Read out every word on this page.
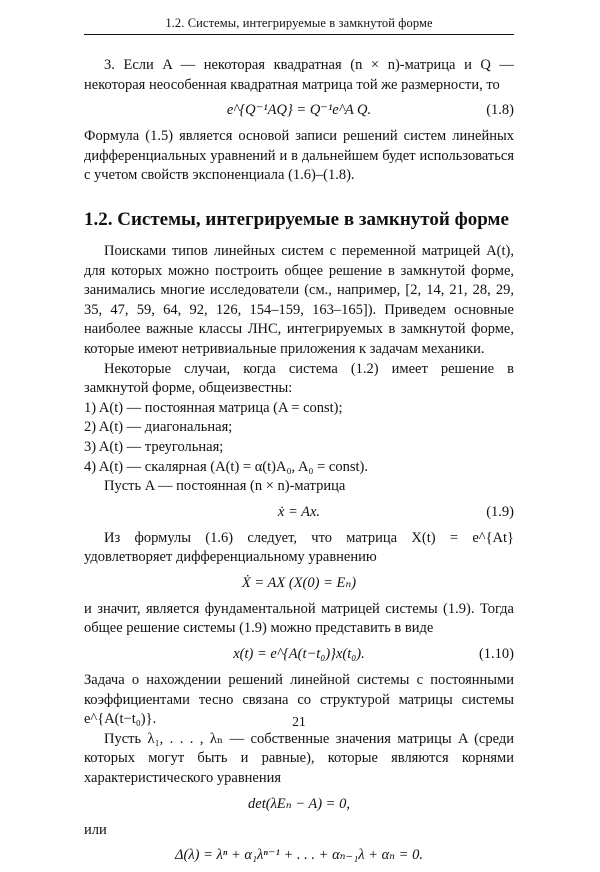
1.2. Системы, интегрируемые в замкнутой форме

3. Если A — некоторая квадратная (n × n)-матрица и Q — некоторая неособенная квадратная матрица той же размерности, то

e^{Q⁻¹AQ} = Q⁻¹e^A Q.	(1.8)

Формула (1.5) является основой записи решений систем линейных дифференциальных уравнений и в дальнейшем будет использоваться с учетом свойств экспоненциала (1.6)–(1.8).

1.2. Системы, интегрируемые в замкнутой форме

Поисками типов линейных систем с переменной матрицей A(t), для которых можно построить общее решение в замкнутой форме, занимались многие исследователи (см., например, [2, 14, 21, 28, 29, 35, 47, 59, 64, 92, 126, 154–159, 163–165]). Приведем основные наиболее важные классы ЛНС, интегрируемых в замкнутой форме, которые имеют нетривиальные приложения к задачам механики.

Некоторые случаи, когда система (1.2) имеет решение в замкнутой форме, общеизвестны:

1) A(t) — постоянная матрица (A = const);

2) A(t) — диагональная;

3) A(t) — треугольная;

4) A(t) — скалярная (A(t) = α(t)A₀, A₀ = const).

Пусть A — постоянная (n × n)-матрица

ẋ = Ax.	(1.9)

Из формулы (1.6) следует, что матрица X(t) = e^{At} удовлетворяет дифференциальному уравнению

Ẋ = AX (X(0) = Eₙ)

и значит, является фундаментальной матрицей системы (1.9). Тогда общее решение системы (1.9) можно представить в виде

x(t) = e^{A(t−t₀)}x(t₀).	(1.10)

Задача о нахождении решений линейной системы с постоянными коэффициентами тесно связана со структурой матрицы системы e^{A(t−t₀)}.

Пусть λ₁, . . . , λₙ — собственные значения матрицы A (среди которых могут быть и равные), которые являются корнями характеристического уравнения

det(λEₙ − A) = 0,

или

Δ(λ) = λⁿ + α₁λⁿ⁻¹ + . . . + αₙ₋₁λ + αₙ = 0.
21
